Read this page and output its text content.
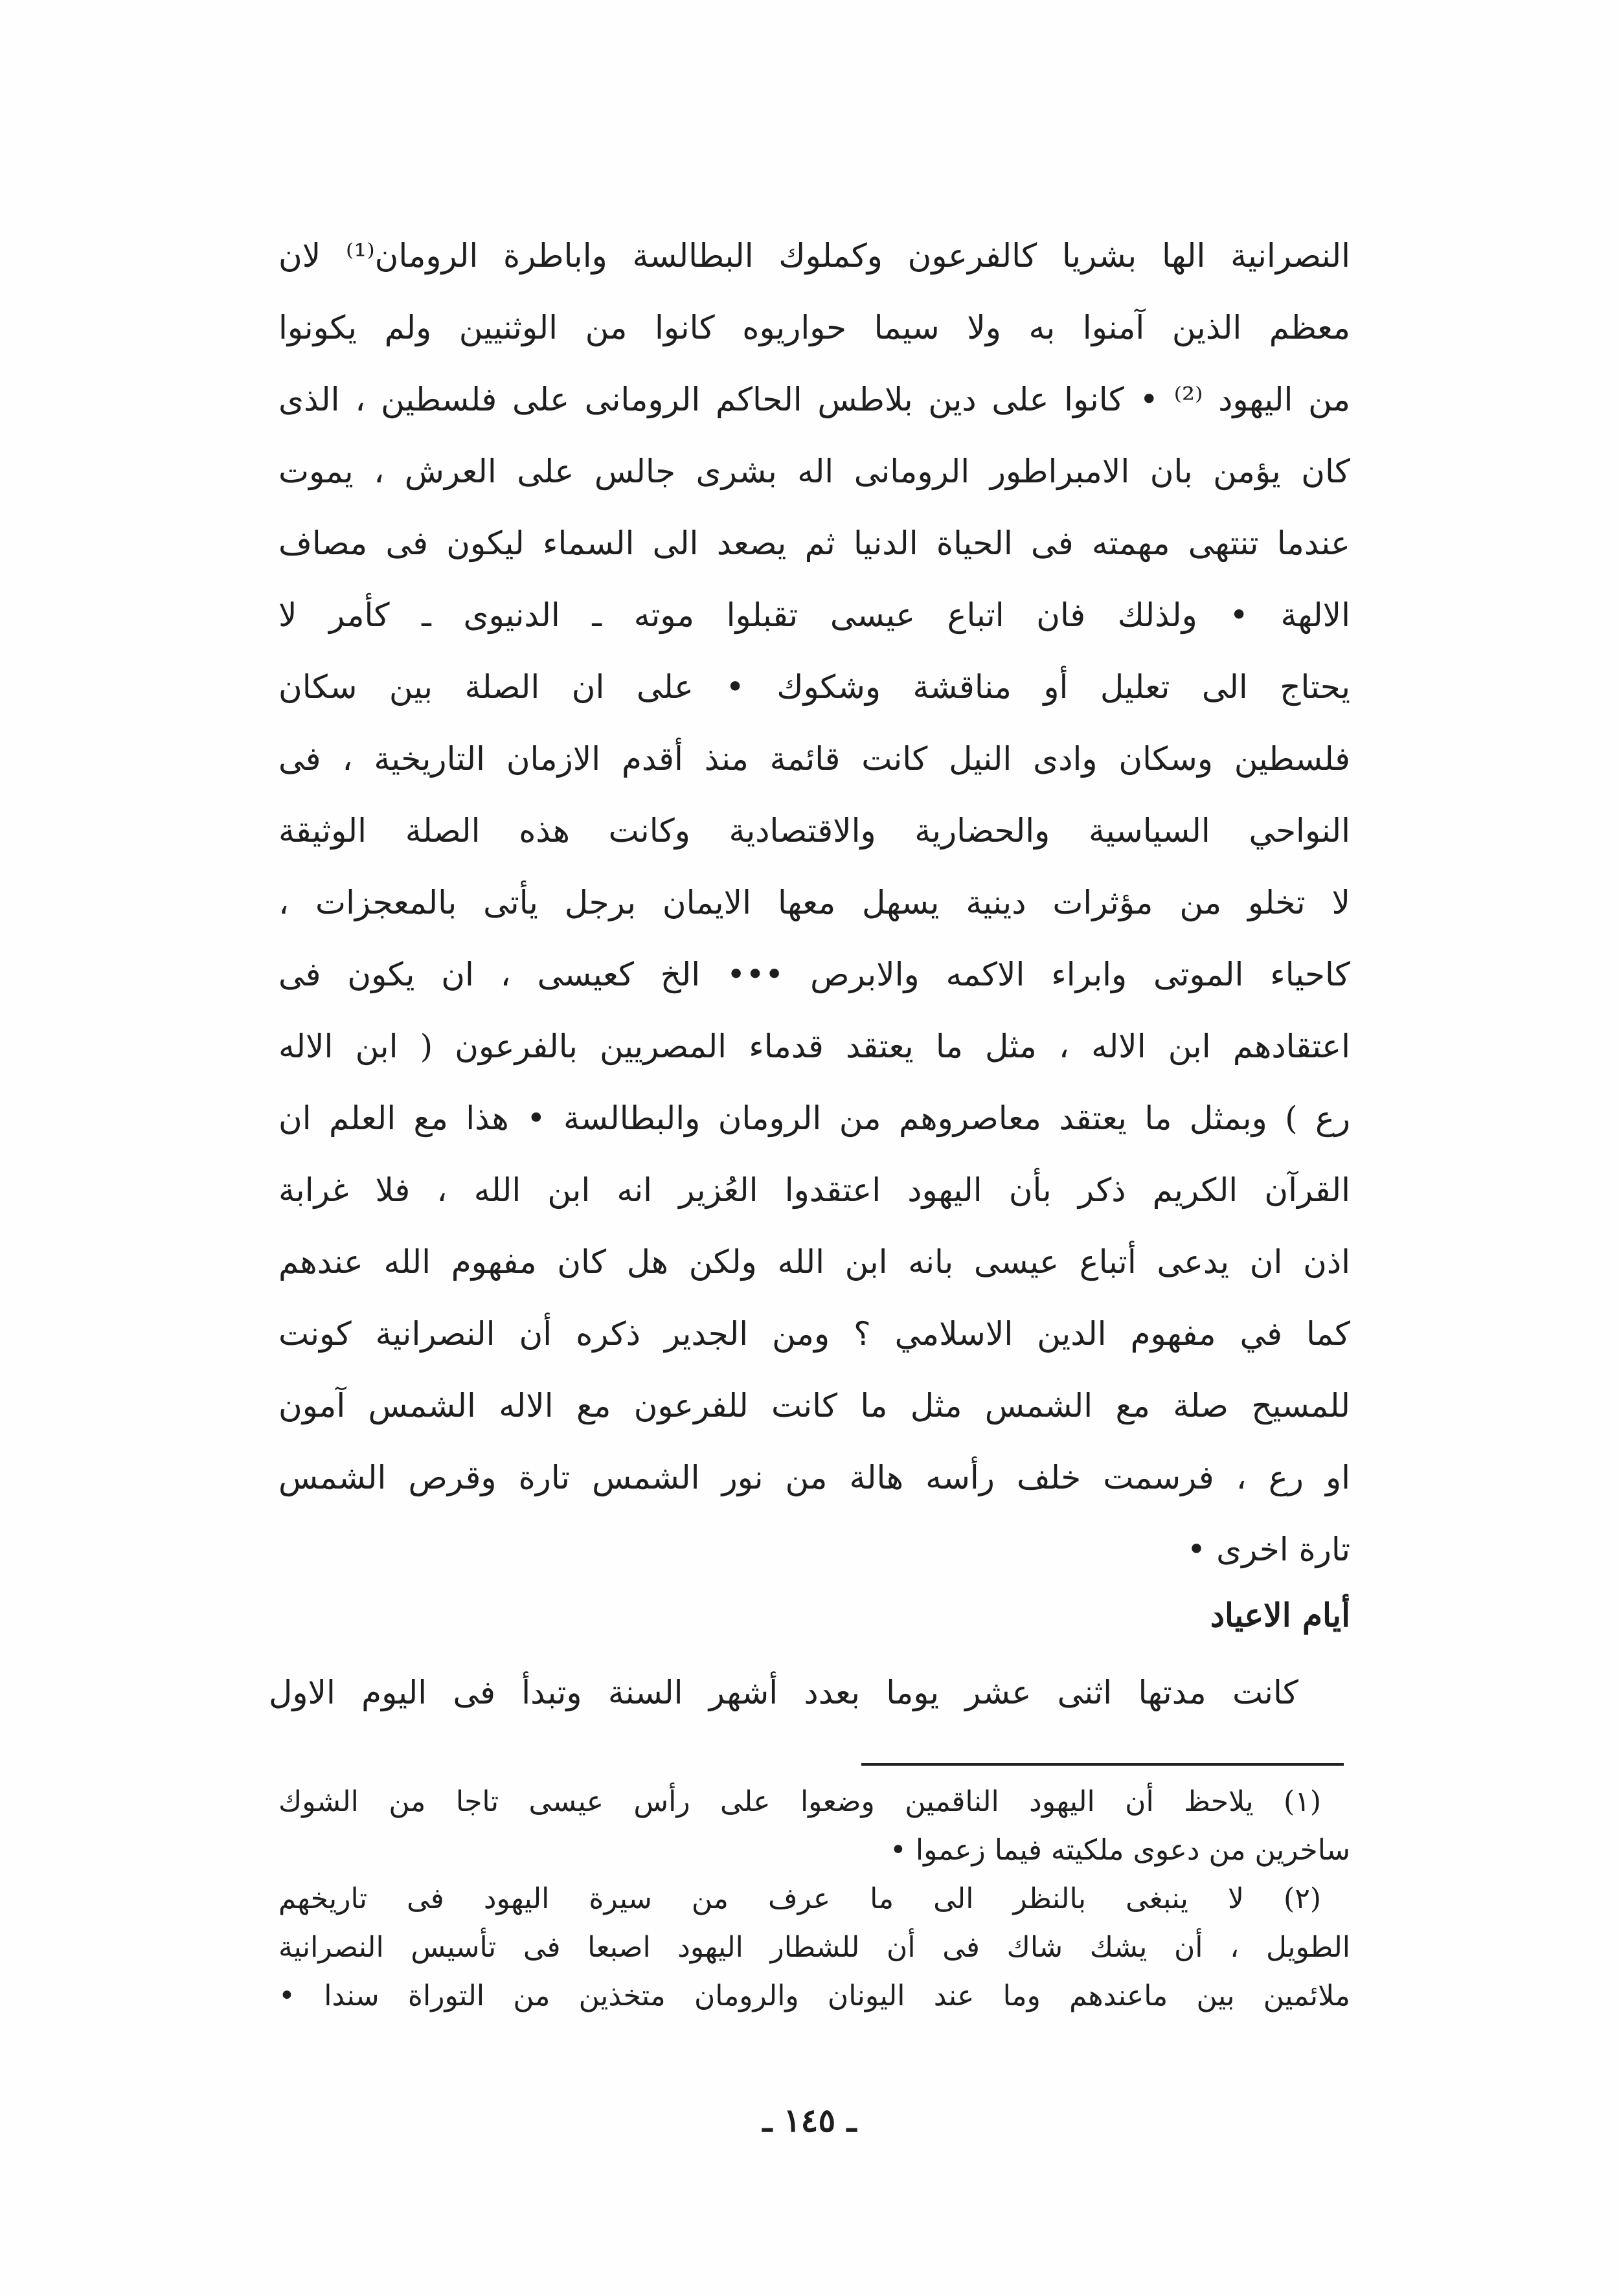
النصرانية الها بشريا كالفرعون وكملوك البطالسة واباطرة الرومان⁽¹⁾ لان
معظم الذين آمنوا به ولا سيما حواريوه كانوا من الوثنيين ولم يكونوا
من اليهود ⁽²⁾ • كانوا على دين بلاطس الحاكم الرومانى على فلسطين ، الذى
كان يؤمن بان الامبراطور الرومانى اله بشرى جالس على العرش ، يموت
عندما تنتهى مهمته فى الحياة الدنيا ثم يصعد الى السماء ليكون فى مصاف
الالهة • ولذلك فان اتباع عيسى تقبلوا موته ـ الدنيوى ـ كأمر لا
يحتاج الى تعليل أو مناقشة وشكوك • على ان الصلة بين سكان
فلسطين وسكان وادى النيل كانت قائمة منذ أقدم الازمان التاريخية ، فى
النواحي السياسية والحضارية والاقتصادية وكانت هذه الصلة الوثيقة
لا تخلو من مؤثرات دينية يسهل معها الايمان برجل يأتى بالمعجزات ،
كاحياء الموتى وابراء الاكمه والابرص ••• الخ كعيسى ، ان يكون فى
اعتقادهم ابن الاله ، مثل ما يعتقد قدماء المصريين بالفرعون ( ابن الاله
رع ) وبمثل ما يعتقد معاصروهم من الرومان والبطالسة • هذا مع العلم ان
القرآن الكريم ذكر بأن اليهود اعتقدوا العُزير انه ابن الله ، فلا غرابة
اذن ان يدعى أتباع عيسى بانه ابن الله ولكن هل كان مفهوم الله عندهم
كما في مفهوم الدين الاسلامي ؟ ومن الجدير ذكره أن النصرانية كونت
للمسيح صلة مع الشمس مثل ما كانت للفرعون مع الاله الشمس آمون
او رع ، فرسمت خلف رأسه هالة من نور الشمس تارة وقرص الشمس
تارة اخرى •
أيام الاعياد
كانت مدتها اثنى عشر يوما بعدد أشهر السنة وتبدأ فى اليوم الاول
(١) يلاحظ أن اليهود الناقمين وضعوا على رأس عيسى تاجا من الشوك
ساخرين من دعوى ملكيته فيما زعموا •
(٢) لا ينبغى بالنظر الى ما عرف من سيرة اليهود فى تاريخهم
الطويل ، أن يشك شاك فى أن للشطار اليهود اصبعا فى تأسيس النصرانية
ملائمين بين ماعندهم وما عند اليونان والرومان متخذين من التوراة سندا •
ـ ١٤٥ ـ
